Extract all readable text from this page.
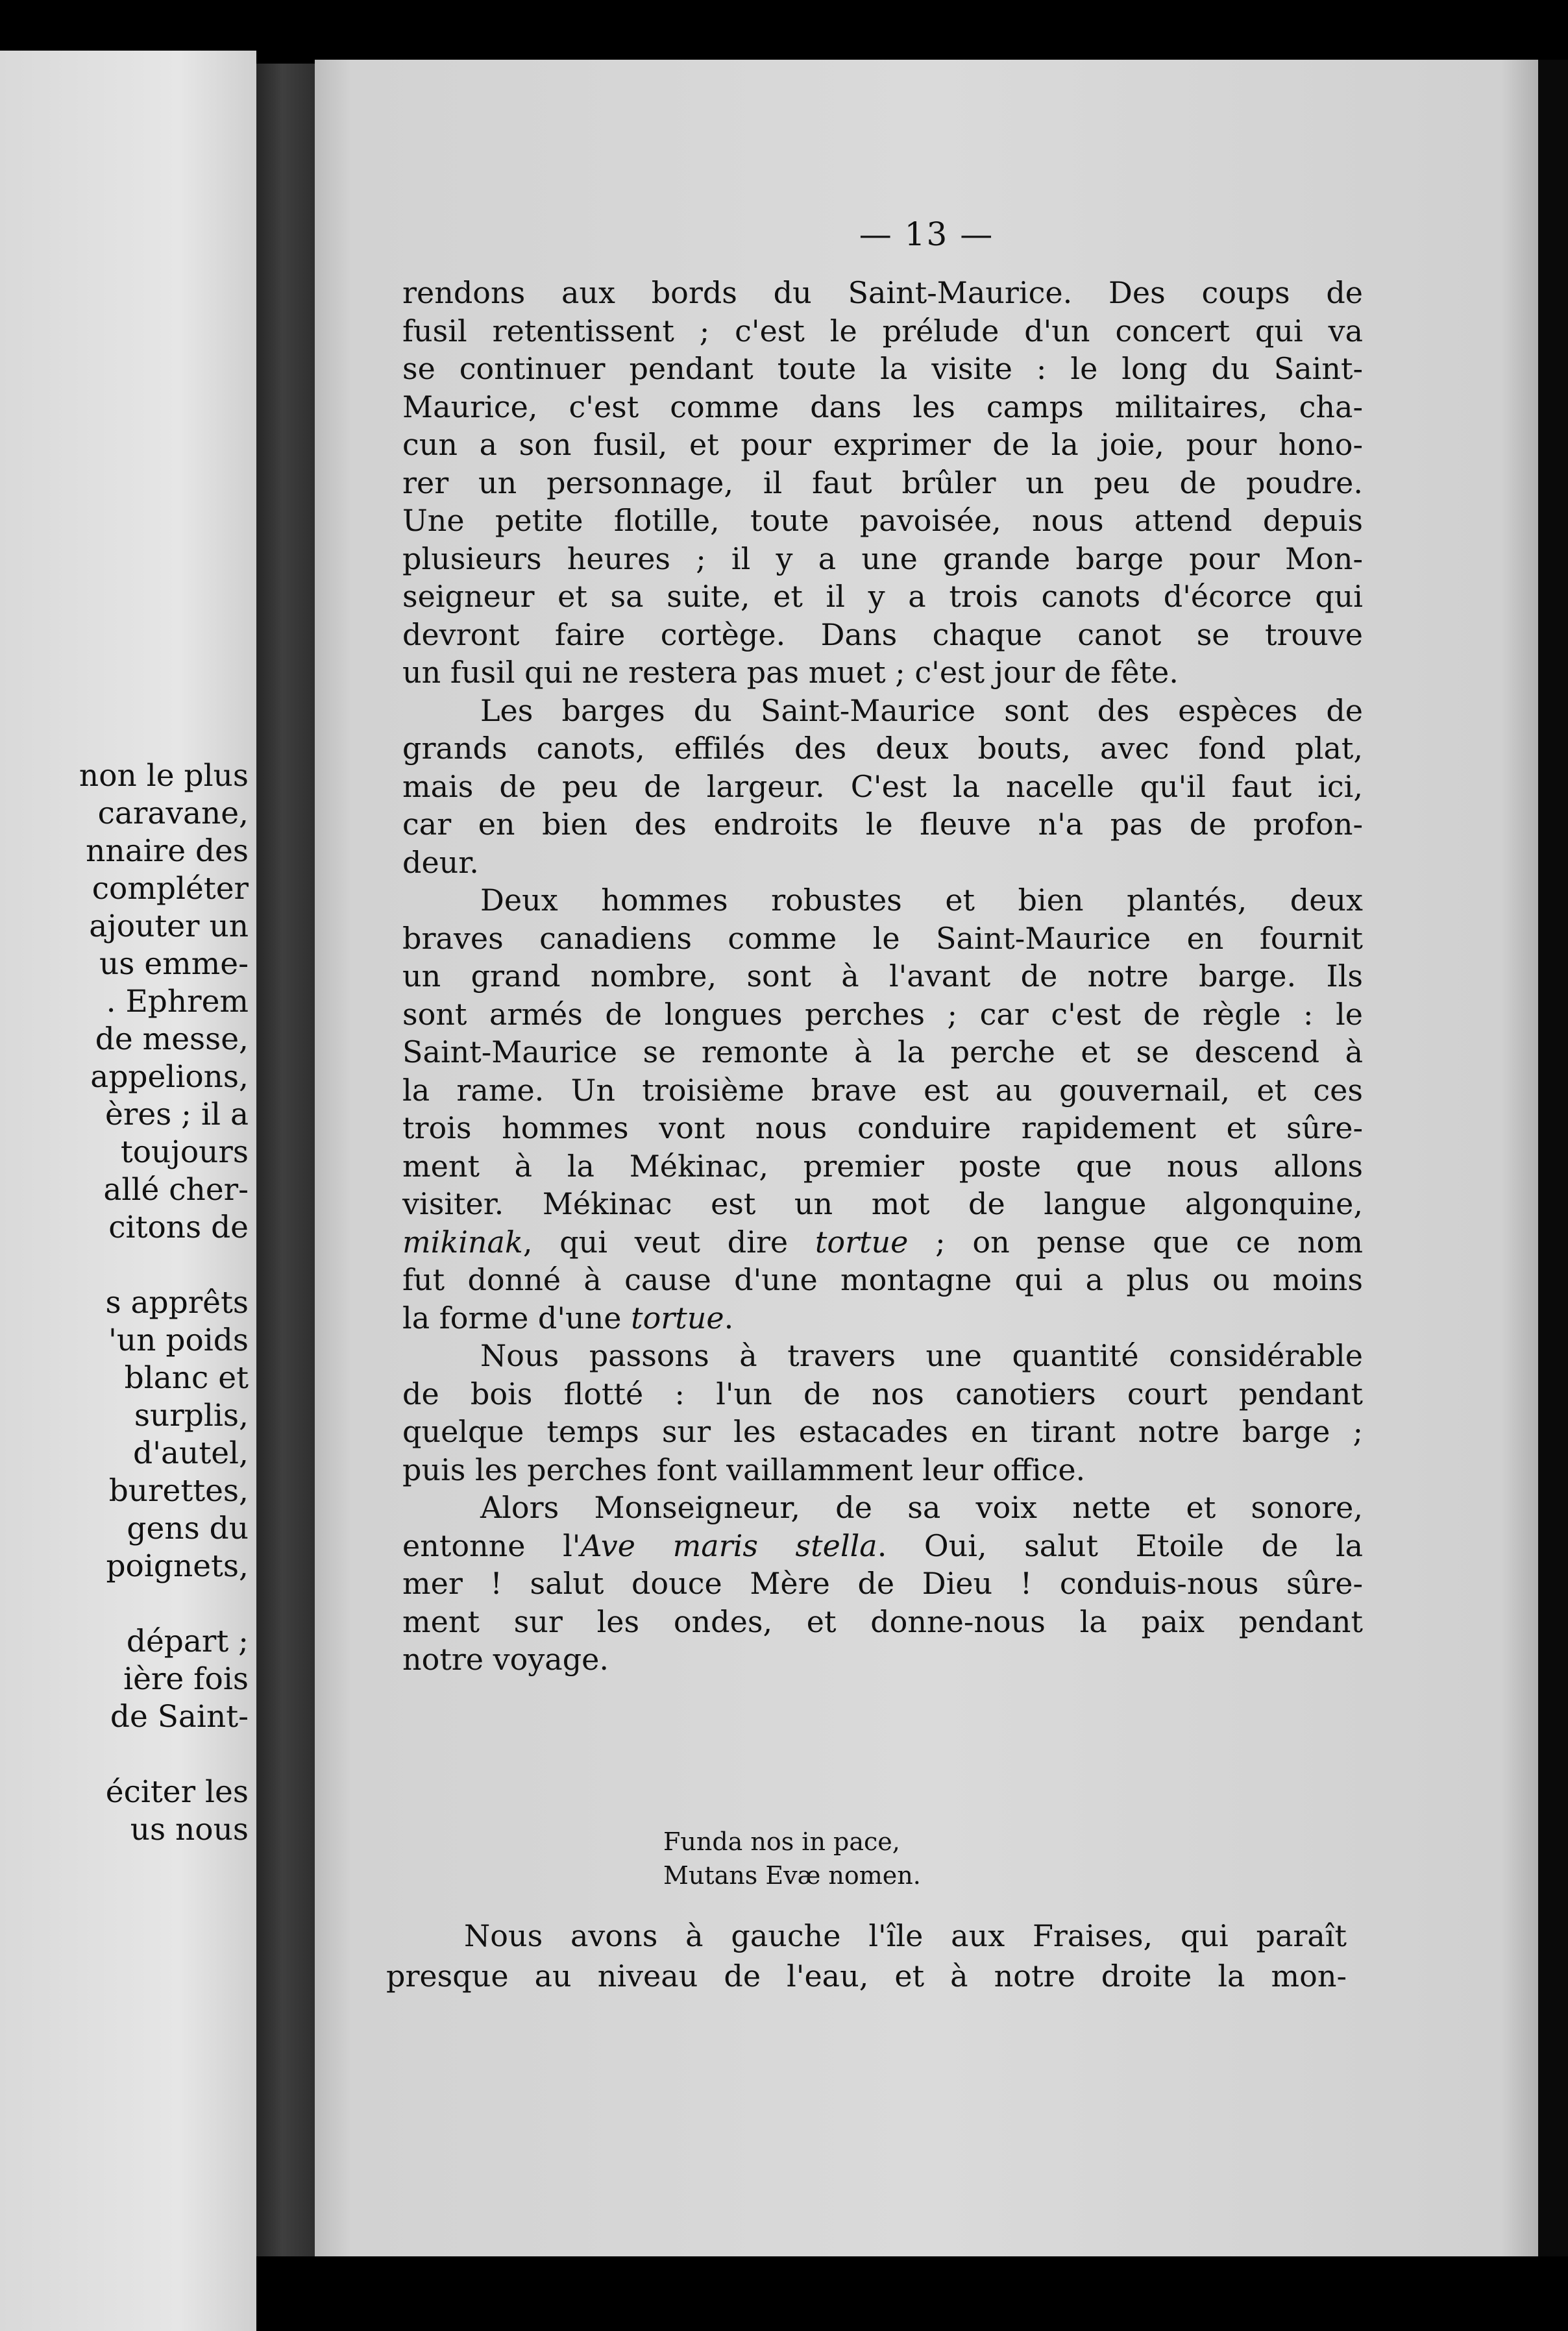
non le plus
caravane,
nnaire des
compléter
ajouter un
us emme-
. Ephrem
de messe,
appelions,
ères ; il a
toujours
allé cher-
citons de
s apprêts
'un poids
blanc et
surplis,
d'autel,
burettes,
gens du
poignets,
départ ;
ière fois
de Saint-
éciter les
us nous
— 13 —
rendons aux bords du Saint-Maurice. Des coups de
fusil retentissent ; c'est le prélude d'un concert qui va
se continuer pendant toute la visite : le long du Saint-
Maurice, c'est comme dans les camps militaires, cha-
cun a son fusil, et pour exprimer de la joie, pour hono-
rer un personnage, il faut brûler un peu de poudre.
Une petite flotille, toute pavoisée, nous attend depuis
plusieurs heures ; il y a une grande barge pour Mon-
seigneur et sa suite, et il y a trois canots d'écorce qui
devront faire cortège. Dans chaque canot se trouve
un fusil qui ne restera pas muet ; c'est jour de fête.
Les barges du Saint-Maurice sont des espèces de
grands canots, effilés des deux bouts, avec fond plat,
mais de peu de largeur. C'est la nacelle qu'il faut ici,
car en bien des endroits le fleuve n'a pas de profon-
deur.
Deux hommes robustes et bien plantés, deux
braves canadiens comme le Saint-Maurice en fournit
un grand nombre, sont à l'avant de notre barge. Ils
sont armés de longues perches ; car c'est de règle : le
Saint-Maurice se remonte à la perche et se descend à
la rame. Un troisième brave est au gouvernail, et ces
trois hommes vont nous conduire rapidement et sûre-
ment à la Mékinac, premier poste que nous allons
visiter. Mékinac est un mot de langue algonquine,
mikinak, qui veut dire tortue ; on pense que ce nom
fut donné à cause d'une montagne qui a plus ou moins
la forme d'une tortue.
Nous passons à travers une quantité considérable
de bois flotté : l'un de nos canotiers court pendant
quelque temps sur les estacades en tirant notre barge ;
puis les perches font vaillamment leur office.
Alors Monseigneur, de sa voix nette et sonore,
entonne l'Ave maris stella. Oui, salut Etoile de la
mer ! salut douce Mère de Dieu ! conduis-nous sûre-
ment sur les ondes, et donne-nous la paix pendant
notre voyage.
Funda nos in pace,
Mutans Evæ nomen.
Nous avons à gauche l'île aux Fraises, qui paraît
presque au niveau de l'eau, et à notre droite la mon-
